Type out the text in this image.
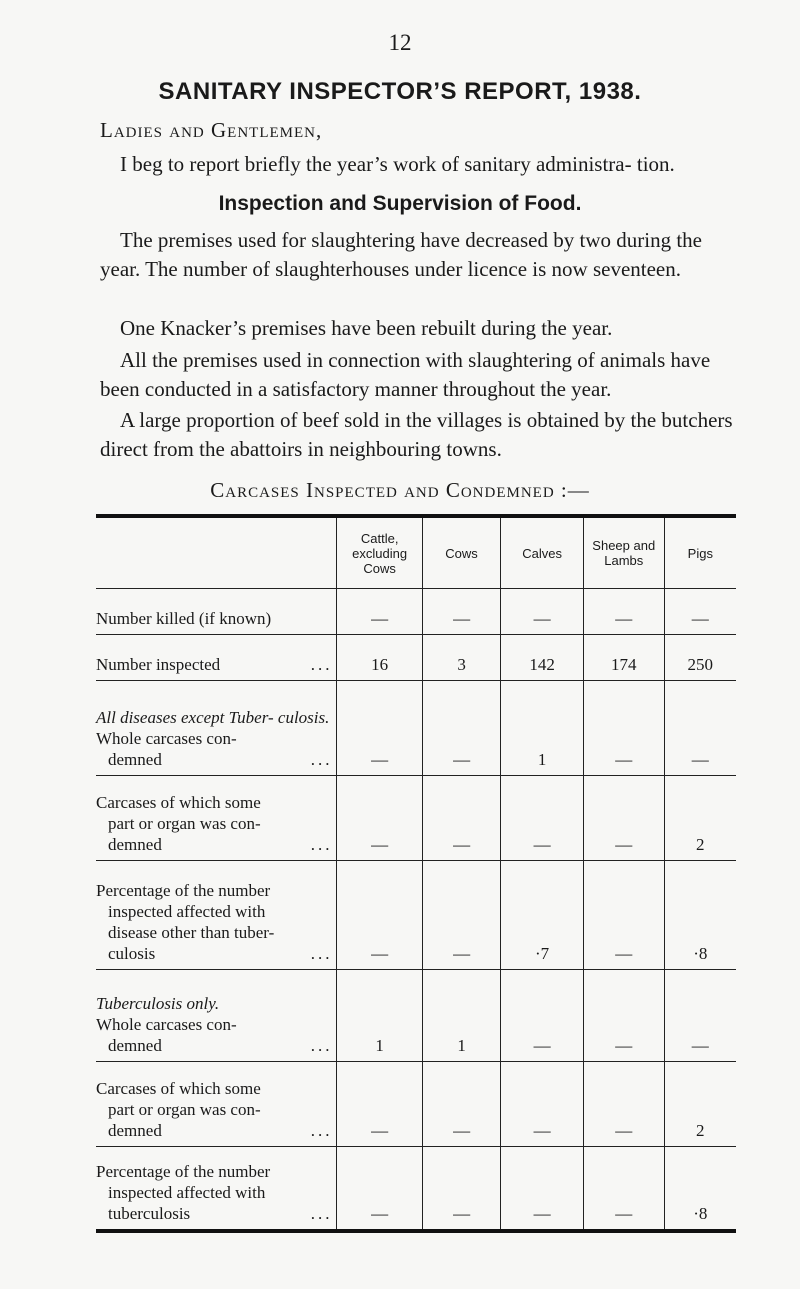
12
SANITARY INSPECTOR’S REPORT, 1938.
Ladies and Gentlemen,

I beg to report briefly the year’s work of sanitary administra- tion.

Inspection and Supervision of Food.

The premises used for slaughtering have decreased by two during the year. The number of slaughterhouses under licence is now seventeen.

One Knacker’s premises have been rebuilt during the year.

All the premises used in connection with slaughtering of animals have been conducted in a satisfactory manner throughout the year.

A large proportion of beef sold in the villages is obtained by the butchers direct from the abattoirs in neighbouring towns.

Carcases Inspected and Condemned :—
	Cattle, excluding Cows	Cows	Calves	Sheep and Lambs	Pigs
Number killed (if known)	—	—	—	—	—

Number inspected ...	16	3	142	174	250
All diseases except Tuber- culosis.
Whole carcases con-

demned ...	—	—	1	—	—
Carcases of which some

part or organ was con-
demned ...	—	—	—	—	2
Percentage of the number

inspected affected with
disease other than tuber-
culosis ...	—	—	·7	—	·8
Tuberculosis only.
Whole carcases con-

demned ...	1	1	—	—	—
Carcases of which some

part or organ was con-
demned ...	—	—	—	—	2
Percentage of the number

inspected affected with
tuberculosis ...	—	—	—	—	·8
